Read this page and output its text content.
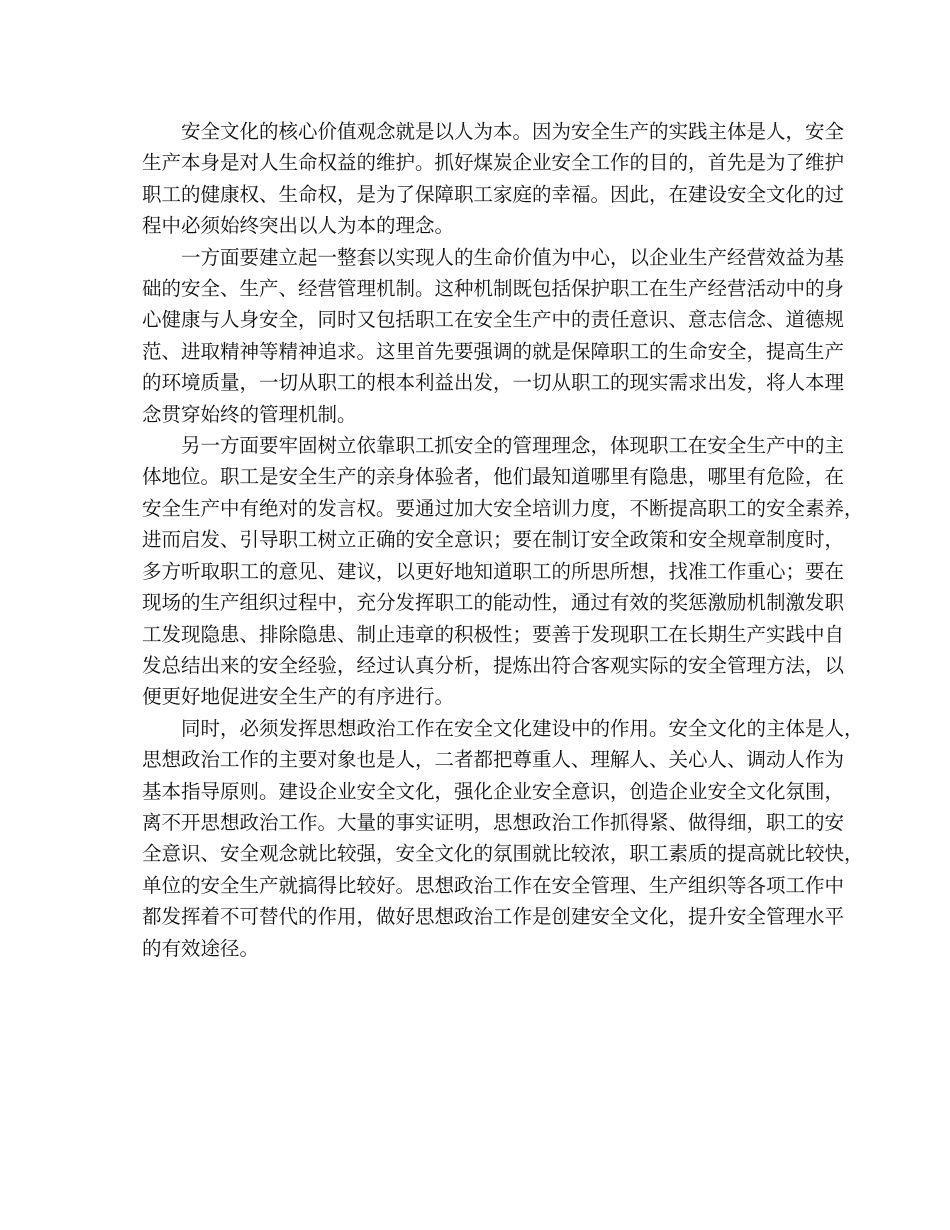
安全文化的核心价值观念就是以人为本。因为安全生产的实践主体是人，安全
生产本身是对人生命权益的维护。抓好煤炭企业安全工作的目的，首先是为了维护
职工的健康权、生命权，是为了保障职工家庭的幸福。因此，在建设安全文化的过
程中必须始终突出以人为本的理念。

一方面要建立起一整套以实现人的生命价值为中心，以企业生产经营效益为基
础的安全、生产、经营管理机制。这种机制既包括保护职工在生产经营活动中的身
心健康与人身安全，同时又包括职工在安全生产中的责任意识、意志信念、道德规
范、进取精神等精神追求。这里首先要强调的就是保障职工的生命安全，提高生产
的环境质量，一切从职工的根本利益出发，一切从职工的现实需求出发，将人本理
念贯穿始终的管理机制。

另一方面要牢固树立依靠职工抓安全的管理理念，体现职工在安全生产中的主
体地位。职工是安全生产的亲身体验者，他们最知道哪里有隐患，哪里有危险，在
安全生产中有绝对的发言权。要通过加大安全培训力度，不断提高职工的安全素养，
进而启发、引导职工树立正确的安全意识；要在制订安全政策和安全规章制度时，
多方听取职工的意见、建议，以更好地知道职工的所思所想，找准工作重心；要在
现场的生产组织过程中，充分发挥职工的能动性，通过有效的奖惩激励机制激发职
工发现隐患、排除隐患、制止违章的积极性；要善于发现职工在长期生产实践中自
发总结出来的安全经验，经过认真分析，提炼出符合客观实际的安全管理方法，以
便更好地促进安全生产的有序进行。

同时，必须发挥思想政治工作在安全文化建设中的作用。安全文化的主体是人，
思想政治工作的主要对象也是人，二者都把尊重人、理解人、关心人、调动人作为
基本指导原则。建设企业安全文化，强化企业安全意识，创造企业安全文化氛围，
离不开思想政治工作。大量的事实证明，思想政治工作抓得紧、做得细，职工的安
全意识、安全观念就比较强，安全文化的氛围就比较浓，职工素质的提高就比较快，
单位的安全生产就搞得比较好。思想政治工作在安全管理、生产组织等各项工作中
都发挥着不可替代的作用，做好思想政治工作是创建安全文化，提升安全管理水平
的有效途径。
